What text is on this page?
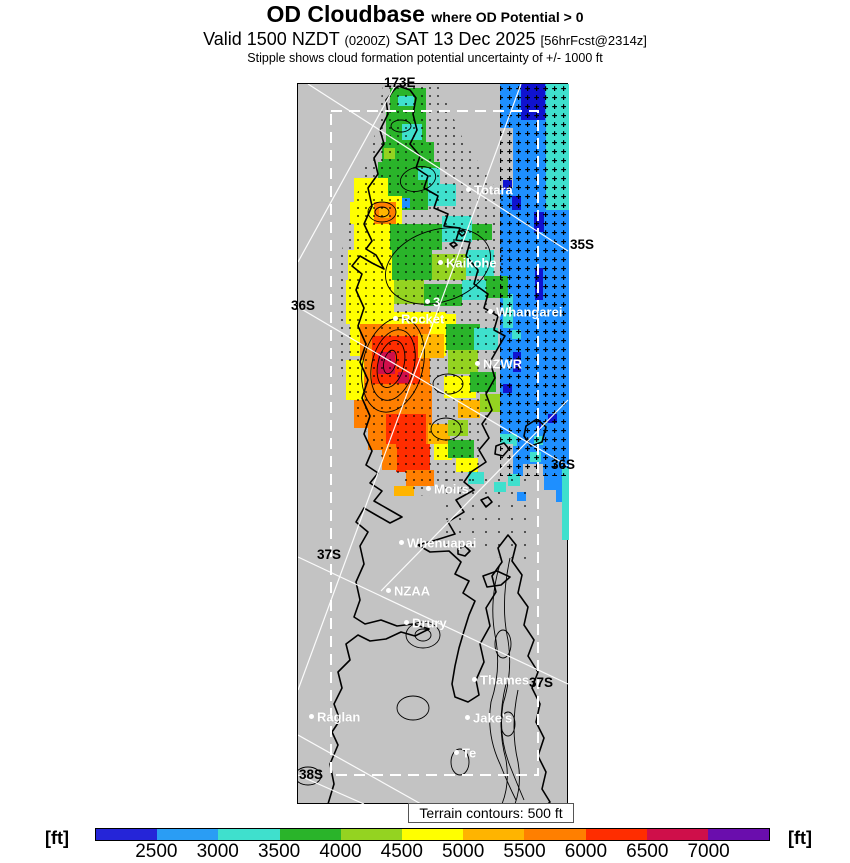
OD Cloudbase where OD Potential > 0
Valid 1500 NZDT (0200Z) SAT 13 Dec 2025 [56hrFcst@2314z]
Stipple shows cloud formation potential uncertainty of +/- 1000 ft
Totara
Kaikohe
3
Rocket	Whangarei
NZWR
Moirs
Whenuapai
NZAA
Drury
Thames
Raglan	Jake's
Te
173E
35S
36S
36S
37S
37S
38S
Terrain contours: 500 ft
[ft]
2500 3000 3500 4000 4500 5000 5500 6000 6500 7000
[ft]
